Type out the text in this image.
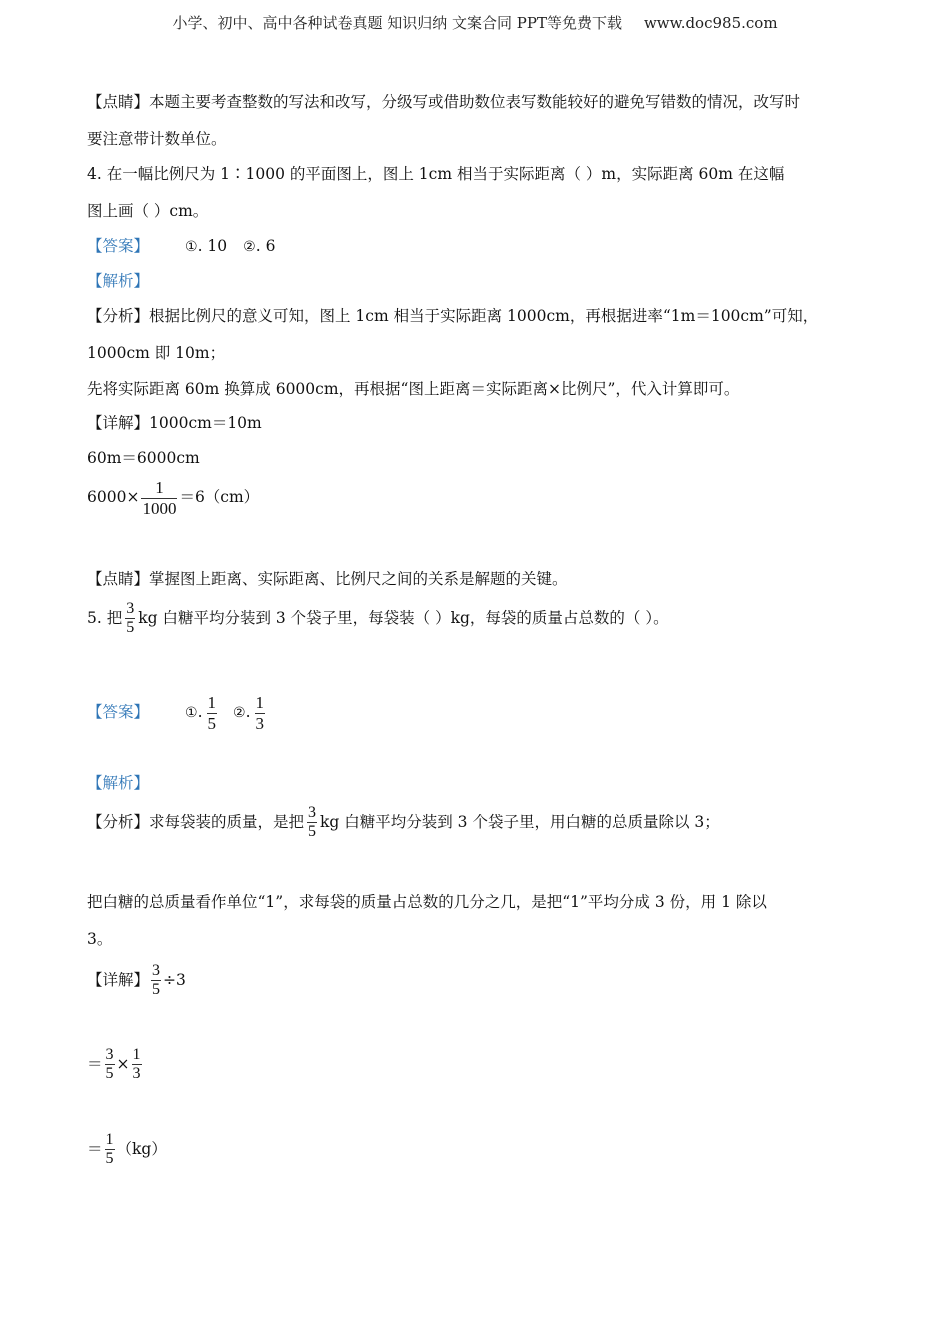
小学、初中、高中各种试卷真题 知识归纳 文案合同 PPT等免费下载 www.doc985.com
【点睛】本题主要考查整数的写法和改写，分级写或借助数位表写数能较好的避免写错数的情况，改写时
要注意带计数单位。
4. 在一幅比例尺为 1∶1000 的平面图上，图上 1cm 相当于实际距离（ ）m，实际距离 60m 在这幅
图上画（ ）cm。
【答案】	①. 10 ②. 6
【解析】
【分析】根据比例尺的意义可知，图上 1cm 相当于实际距离 1000cm，再根据进率“1m＝100cm”可知，
1000cm 即 10m；
先将实际距离 60m 换算成 6000cm，再根据“图上距离＝实际距离×比例尺”，代入计算即可。
【详解】1000cm＝10m
60m＝6000cm
$6000\times \frac{1}{1000} =6(cm)$
【点睛】掌握图上距离、实际距离、比例尺之间的关系是解题的关键。
5. 把 $\frac{3}{5}$ kg 白糖平均分装到 3 个袋子里，每袋装（ ）kg，每袋的质量占总数的（ ）。
【答案】	①. $\frac{1}{5}$ ②. $\frac{1}{3}$
【解析】
【分析】求每袋装的质量，是把 $\frac{3}{5}$ kg 白糖平均分装到 3 个袋子里，用白糖的总质量除以 3；
把白糖的总质量看作单位“1”，求每袋的质量占总数的几分之几，是把“1”平均分成 3 份，用 1 除以
3。
【详解】 $\frac{3}{5} \div 3$
＝ $\frac{3}{5} \times \frac{1}{3}$
＝ $\frac{1}{5} (kg)$
